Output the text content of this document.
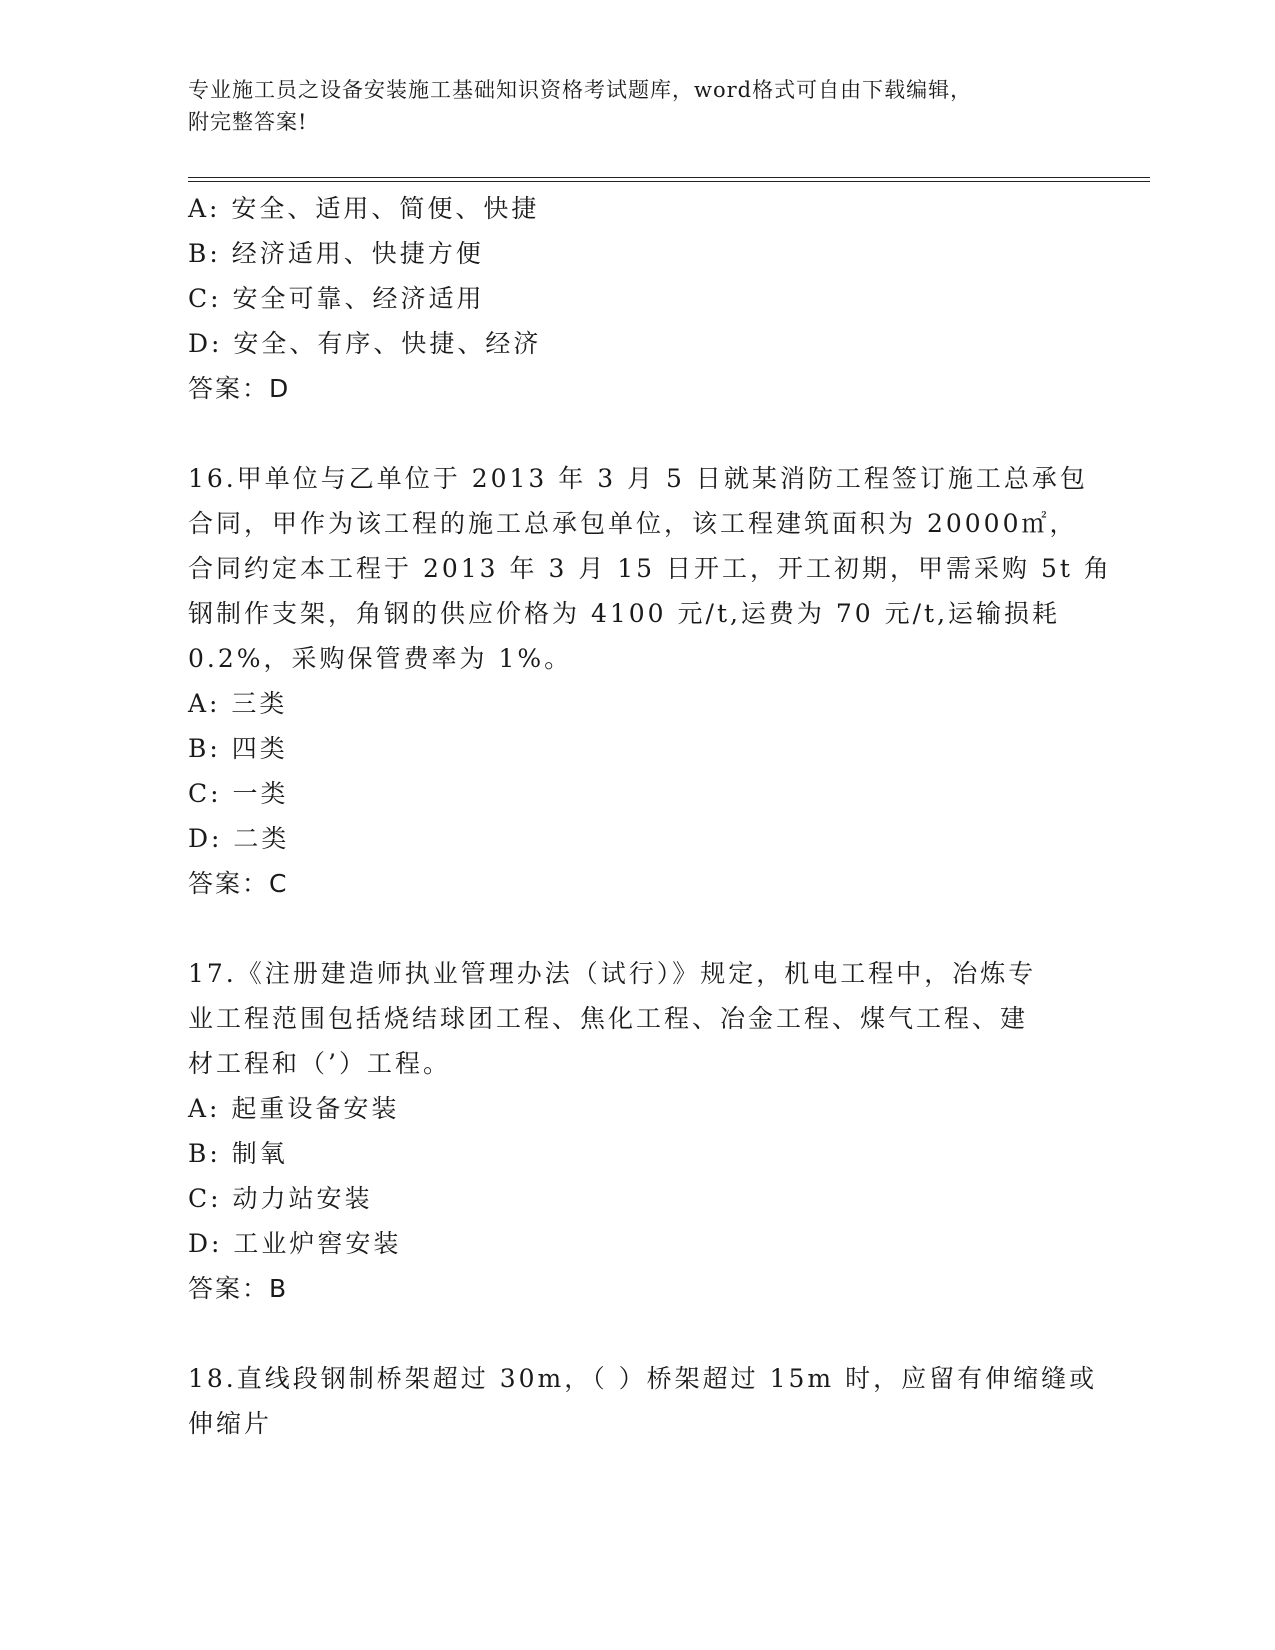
专业施工员之设备安装施工基础知识资格考试题库，word格式可自由下载编辑，
附完整答案!
A: 安全、适用、简便、快捷
B: 经济适用、快捷方便
C: 安全可靠、经济适用
D: 安全、有序、快捷、经济
答案：D
16.甲单位与乙单位于 2013 年 3 月 5 日就某消防工程签订施工总承包
合同，甲作为该工程的施工总承包单位，该工程建筑面积为 20000㎡，
合同约定本工程于 2013 年 3 月 15 日开工，开工初期，甲需采购 5t 角
钢制作支架，角钢的供应价格为 4100 元/t,运费为 70 元/t,运输损耗
0.2%，采购保管费率为 1%。
A: 三类
B: 四类
C: 一类
D: 二类
答案：C
17.《注册建造师执业管理办法（试行）》规定，机电工程中，冶炼专
业工程范围包括烧结球团工程、焦化工程、冶金工程、煤气工程、建
材工程和（’）工程。
A: 起重设备安装
B: 制氧
C: 动力站安装
D: 工业炉窖安装
答案：B
18.直线段钢制桥架超过 30m，（ ）桥架超过 15m 时，应留有伸缩缝或
伸缩片
